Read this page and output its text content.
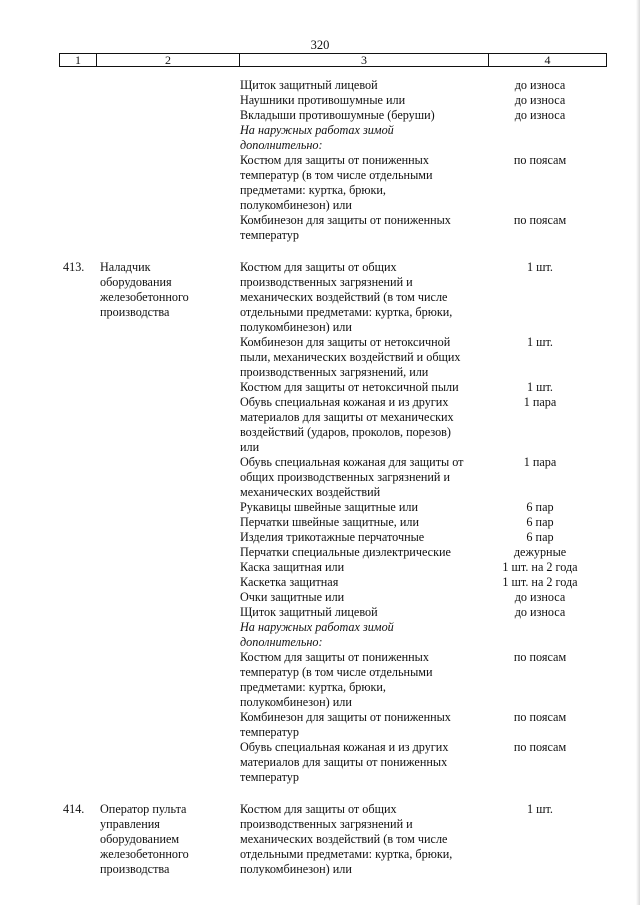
320
1	2	3	4
Щиток защитный лицевой	до износа
Наушники противошумные или	до износа
Вкладыши противошумные (беруши)	до износа
На наружных работах зимой
дополнительно:
Костюм для защиты от пониженных	по поясам
температур (в том числе отдельными
предметами: куртка, брюки,
полукомбинезон) или
Комбинезон для защиты от пониженных	по поясам
температур
413.	Наладчик	Костюм для защиты от общих	1 шт.
оборудования	производственных загрязнений и
железобетонного	механических воздействий (в том числе
производства	отдельными предметами: куртка, брюки,
полукомбинезон) или
Комбинезон для защиты от нетоксичной	1 шт.
пыли, механических воздействий и общих
производственных загрязнений, или
Костюм для защиты от нетоксичной пыли	1 шт.
Обувь специальная кожаная и из других	1 пара
материалов для защиты от механических
воздействий (ударов, проколов, порезов)
или
Обувь специальная кожаная для защиты от	1 пара
общих производственных загрязнений и
механических воздействий
Рукавицы швейные защитные или	6 пар
Перчатки швейные защитные, или	6 пар
Изделия трикотажные перчаточные	6 пар
Перчатки специальные диэлектрические	дежурные
Каска защитная или	1 шт. на 2 года
Каскетка защитная	1 шт. на 2 года
Очки защитные или	до износа
Щиток защитный лицевой	до износа
На наружных работах зимой
дополнительно:
Костюм для защиты от пониженных	по поясам
температур (в том числе отдельными
предметами: куртка, брюки,
полукомбинезон) или
Комбинезон для защиты от пониженных	по поясам
температур
Обувь специальная кожаная и из других	по поясам
материалов для защиты от пониженных
температур
414.	Оператор пульта	Костюм для защиты от общих	1 шт.
управления	производственных загрязнений и
оборудованием	механических воздействий (в том числе
железобетонного	отдельными предметами: куртка, брюки,
производства	полукомбинезон) или
